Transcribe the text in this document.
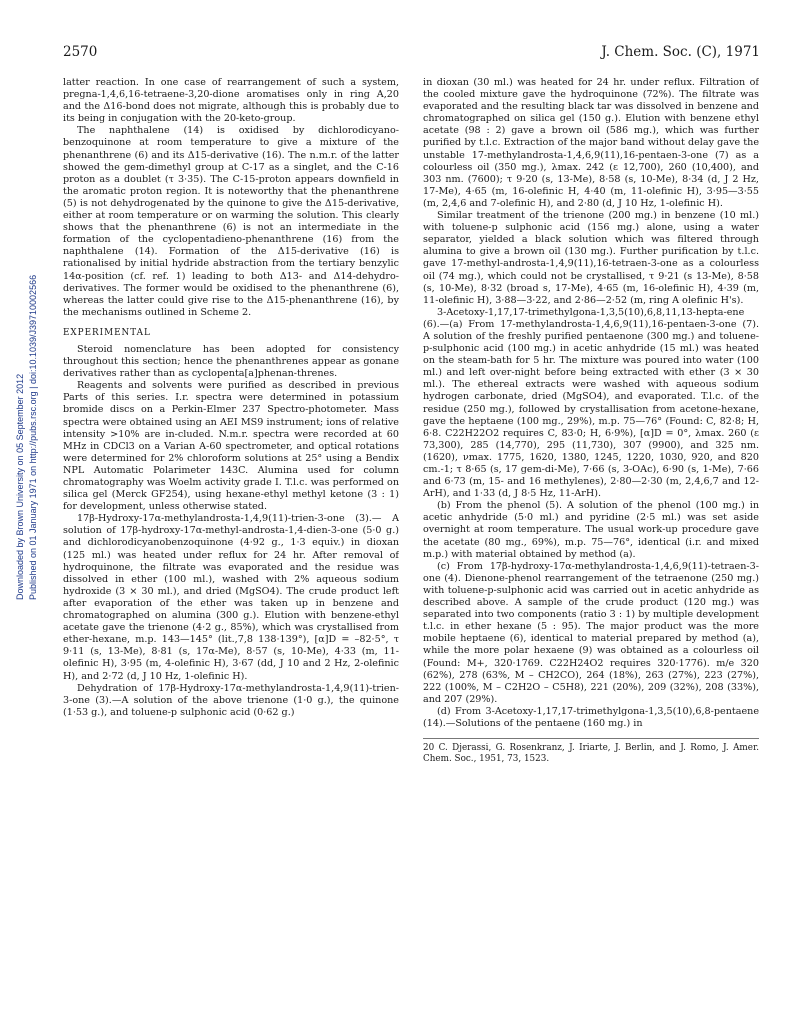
2570	J. Chem. Soc. (C), 1971
Downloaded by Brown University on 05 September 2012 Published on 01 January 1971 on http://pubs.rsc.org | doi:10.1039/J39710002566

latter reaction. In one case of rearrangement of such a system, pregna-1,4,6,16-tetraene-3,20-dione aromatises only in ring A,20 and the Δ16-bond does not migrate, although this is probably due to its being in conjugation with the 20-keto-group.

The naphthalene (14) is oxidised by dichlorodicyano-benzoquinone at room temperature to give a mixture of the phenanthrene (6) and its Δ15-derivative (16). The n.m.r. of the latter showed the gem-dimethyl group at C-17 as a singlet, and the C-16 proton as a doublet (τ 3·35). The C-15-proton appears downfield in the aromatic proton region. It is noteworthy that the phenanthrene (5) is not dehydrogenated by the quinone to give the Δ15-derivative, either at room temperature or on warming the solution. This clearly shows that the phenanthrene (6) is not an intermediate in the formation of the cyclopentadieno-phenanthrene (16) from the naphthalene (14). Formation of the Δ15-derivative (16) is rationalised by initial hydride abstraction from the tertiary benzylic 14α-position (cf. ref. 1) leading to both Δ13- and Δ14-dehydro-derivatives. The former would be oxidised to the phenanthrene (6), whereas the latter could give rise to the Δ15-phenanthrene (16), by the mechanisms outlined in Scheme 2.

EXPERIMENTAL

Steroid nomenclature has been adopted for consistency throughout this section; hence the phenanthrenes appear as gonane derivatives rather than as cyclopenta[a]phenan-threnes.

Reagents and solvents were purified as described in previous Parts of this series. I.r. spectra were determined in potassium bromide discs on a Perkin-Elmer 237 Spectro-photometer. Mass spectra were obtained using an AEI MS9 instrument; ions of relative intensity >10% are in-cluded. N.m.r. spectra were recorded at 60 MHz in CDCl3 on a Varian A-60 spectrometer, and optical rotations were determined for 2% chloroform solutions at 25° using a Bendix NPL Automatic Polarimeter 143C. Alumina used for column chromatography was Woelm activity grade I. T.l.c. was performed on silica gel (Merck GF254), using hexane-ethyl methyl ketone (3 : 1) for development, unless otherwise stated.

17β-Hydroxy-17α-methylandrosta-1,4,9(11)-trien-3-one (3).— A solution of 17β-hydroxy-17α-methyl-androsta-1,4-dien-3-one (5·0 g.) and dichlorodicyanobenzoquinone (4·92 g., 1·3 equiv.) in dioxan (125 ml.) was heated under reflux for 24 hr. After removal of hydroquinone, the filtrate was evaporated and the residue was dissolved in ether (100 ml.), washed with 2% aqueous sodium hydroxide (3 × 30 ml.), and dried (MgSO4). The crude product left after evaporation of the ether was taken up in benzene and chromatographed on alumina (300 g.). Elution with benzene-ethyl acetate gave the trienone (4·2 g., 85%), which was crystallised from ether-hexane, m.p. 143—145° (lit.,7,8 138·139°), [α]D = –82·5°, τ 9·11 (s, 13-Me), 8·81 (s, 17α-Me), 8·57 (s, 10-Me), 4·33 (m, 11-olefinic H), 3·95 (m, 4-olefinic H), 3·67 (dd, J 10 and 2 Hz, 2-olefinic H), and 2·72 (d, J 10 Hz, 1-olefinic H).

Dehydration of 17β-Hydroxy-17α-methylandrosta-1,4,9(11)-trien-3-one (3).—A solution of the above trienone (1·0 g.), the quinone (1·53 g.), and toluene-p sulphonic acid (0·62 g.)

in dioxan (30 ml.) was heated for 24 hr. under reflux. Filtration of the cooled mixture gave the hydroquinone (72%). The filtrate was evaporated and the resulting black tar was dissolved in benzene and chromatographed on silica gel (150 g.). Elution with benzene ethyl acetate (98 : 2) gave a brown oil (586 mg.), which was further purified by t.l.c. Extraction of the major band without delay gave the unstable 17-methylandrosta-1,4,6,9(11),16-pentaen-3-one (7) as a colourless oil (350 mg.), λmax. 242 (ε 12,700), 260 (10,400), and 303 nm. (7600); τ 9·20 (s, 13-Me), 8·58 (s, 10-Me), 8·34 (d, J 2 Hz, 17-Me), 4·65 (m, 16-olefinic H, 4·40 (m, 11-olefinic H), 3·95—3·55 (m, 2,4,6 and 7-olefinic H), and 2·80 (d, J 10 Hz, 1-olefinic H).

Similar treatment of the trienone (200 mg.) in benzene (10 ml.) with toluene-p sulphonic acid (156 mg.) alone, using a water separator, yielded a black solution which was filtered through alumina to give a brown oil (130 mg.). Further purification by t.l.c. gave 17-methyl-androsta-1,4,9(11),16-tetraen-3-one as a colourless oil (74 mg.), which could not be crystallised, τ 9·21 (s 13-Me), 8·58 (s, 10-Me), 8·32 (broad s, 17-Me), 4·65 (m, 16-olefinic H), 4·39 (m, 11-olefinic H), 3·88—3·22, and 2·86—2·52 (m, ring A olefinic H's).

3-Acetoxy-1,17,17-trimethylgona-1,3,5(10),6,8,11,13-hepta-ene (6).—(a) From 17-methylandrosta-1,4,6,9(11),16-pentaen-3-one (7). A solution of the freshly purified pentaenone (300 mg.) and toluene-p-sulphonic acid (100 mg.) in acetic anhydride (15 ml.) was heated on the steam-bath for 5 hr. The mixture was poured into water (100 ml.) and left over-night before being extracted with ether (3 × 30 ml.). The ethereal extracts were washed with aqueous sodium hydrogen carbonate, dried (MgSO4), and evaporated. T.l.c. of the residue (250 mg.), followed by crystallisation from acetone-hexane, gave the heptaene (100 mg., 29%), m.p. 75—76° (Found: C, 82·8; H, 6·8. C22H22O2 requires C, 83·0; H, 6·9%), [α]D = 0°, λmax. 260 (ε 73,300), 285 (14,770), 295 (11,730), 307 (9900), and 325 nm. (1620), νmax. 1775, 1620, 1380, 1245, 1220, 1030, 920, and 820 cm.-1; τ 8·65 (s, 17 gem-di-Me), 7·66 (s, 3-OAc), 6·90 (s, 1-Me), 7·66 and 6·73 (m, 15- and 16 methylenes), 2·80—2·30 (m, 2,4,6,7 and 12-ArH), and 1·33 (d, J 8·5 Hz, 11-ArH).

(b) From the phenol (5). A solution of the phenol (100 mg.) in acetic anhydride (5·0 ml.) and pyridine (2·5 ml.) was set aside overnight at room temperature. The usual work-up procedure gave the acetate (80 mg., 69%), m.p. 75—76°, identical (i.r. and mixed m.p.) with material obtained by method (a).

(c) From 17β-hydroxy-17α-methylandrosta-1,4,6,9(11)-tetraen-3-one (4). Dienone-phenol rearrangement of the tetraenone (250 mg.) with toluene-p-sulphonic acid was carried out in acetic anhydride as described above. A sample of the crude product (120 mg.) was separated into two components (ratio 3 : 1) by multiple development t.l.c. in ether hexane (5 : 95). The major product was the more mobile heptaene (6), identical to material prepared by method (a), while the more polar hexaene (9) was obtained as a colourless oil (Found: M+, 320·1769. C22H24O2 requires 320·1776). m/e 320 (62%), 278 (63%, M – CH2CO), 264 (18%), 263 (27%), 223 (27%), 222 (100%, M – C2H2O – C5H8), 221 (20%), 209 (32%), 208 (33%), and 207 (29%).

(d) From 3-Acetoxy-1,17,17-trimethylgona-1,3,5(10),6,8-pentaene (14).—Solutions of the pentaene (160 mg.) in

20 C. Djerassi, G. Rosenkranz, J. Iriarte, J. Berlin, and J. Romo, J. Amer. Chem. Soc., 1951, 73, 1523.
